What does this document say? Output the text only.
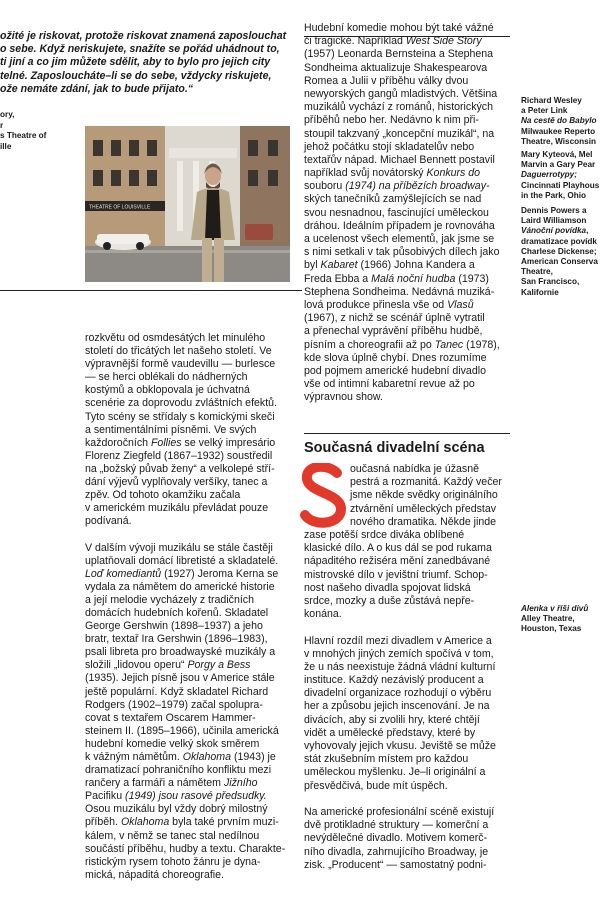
ožité je riskovat, protože riskovat znamená zaposlouchat
o sebe. Když neriskujete, snažíte se pořád uhádnout to,
ti jiní a co jim můžete sdělit, aby to bylo pro jejich city
telné. Zaposloucháte–li se do sebe, vždycky riskujete,
ože nemáte zdání, jak to bude přijato.“
ory,
r
s Theatre of
ille
THEATRE OF LOUISVILLE
rozkvětu od osmdesátých let minulého
století do třicátých let našeho století. Ve
výpravnější formě vaudevillu — burlesce
— se herci oblékali do nádherných
kostýmů a obklopovala je úchvatná
scenérie za doprovodu zvláštních efektů.
Tyto scény se střídaly s komickými skeči
a sentimentálními písněmi. Ve svých
každoročních Follies se velký impresário
Florenz Ziegfeld (1867–1932) soustředil
na „božský půvab ženy“ a velkolepé stří-
dání výjevů vyplňovaly veršíky, tanec a
zpěv. Od tohoto okamžiku začala
v americkém muzikálu převládat pouze
podívaná.
V dalším vývoji muzikálu se stále častěji
uplatňovali domácí libretisté a skladatelé.
Loď komediantů (1927) Jeroma Kerna se
vydala za námětem do americké historie
a její melodie vycházely z tradičních
domácích hudebních kořenů. Skladatel
George Gershwin (1898–1937) a jeho
bratr, textař Ira Gershwin (1896–1983),
psali libreta pro broadwayské muzikály a
složili „lidovou operu“ Porgy a Bess
(1935). Jejich písně jsou v Americe stále
ještě populární. Když skladatel Richard
Rodgers (1902–1979) začal spolupra-
covat s textařem Oscarem Hammer-
steinem II. (1895–1966), učinila americká
hudební komedie velký skok směrem
k vážným námětům. Oklahoma (1943) je
dramatizací pohraničního konfliktu mezi
rančery a farmáři a námětem Jižního
Pacifiku (1949) jsou rasové předsudky.
Osou muzikálu byl vždy dobrý milostný
příběh. Oklahoma byla také prvním muzi-
kálem, v němž se tanec stal nedílnou
součástí příběhu, hudby a textu. Charakte-
ristickým rysem tohoto žánru je dyna-
mická, nápaditá choreografie.
Hudební komedie mohou být také vážné
či tragické. Například West Side Story
(1957) Leonarda Bernsteina a Stephena
Sondheima aktualizuje Shakespearova
Romea a Julii v příběhu války dvou
newyorských gangů mladistvých. Většina
muzikálů vychází z románů, historických
příběhů nebo her. Nedávno k nim při-
stoupil takzvaný „koncepční muzikál“, na
jehož počátku stojí skladatelův nebo
textařův nápad. Michael Bennett postavil
například svůj novátorský Konkurs do
souboru (1974) na příbězích broadway-
ských tanečníků zamýšlejících se nad
svou nesnadnou, fascinující uměleckou
dráhou. Ideálním případem je rovnováha
a ucelenost všech elementů, jak jsme se
s nimi setkali v tak působivých dílech jako
byl Kabaret (1966) Johna Kandera a
Freda Ebba a Malá noční hudba (1973)
Stephena Sondheima. Nedávná muziká-
lová produkce přinesla vše od Vlasů
(1967), z nichž se scénář úplně vytratil
a přenechal vyprávění příběhu hudbě,
písním a choreografii až po Tanec (1978),
kde slova úplně chybí. Dnes rozumíme
pod pojmem americké hudební divadlo
vše od intimní kabaretní revue až po
výpravnou show.
Současná divadelní scéna
oučasná nabídka je úžasně
pestrá a rozmanitá. Každý večer
jsme někde svědky originálního
ztvárnění uměleckých představ
nového dramatika. Někde jinde
zase potěší srdce diváka oblíbené
klasické dílo. A o kus dál se pod rukama
nápaditého režiséra mění zanedbávané
mistrovské dílo v jevištní triumf. Schop-
nost našeho divadla spojovat lidská
srdce, mozky a duše zůstává nepře-
konána.
Hlavní rozdíl mezi divadlem v Americe a
v mnohých jiných zemích spočívá v tom,
že u nás neexistuje žádná vládní kulturní
instituce. Každý nezávislý producent a
divadelní organizace rozhodují o výběru
her a způsobu jejich inscenování. Je na
divácích, aby si zvolili hry, které chtějí
vidět a umělecké představy, které by
vyhovovaly jejich vkusu. Jeviště se může
stát zkušebním místem pro každou
uměleckou myšlenku. Je–li originální a
přesvědčivá, bude mít úspěch.
Na americké profesionální scéně existují
dvě protikladné struktury — komerční a
nevýdělečné divadlo. Motivem komerč-
ního divadla, zahrnujícího Broadway, je
zisk. „Producent“ — samostatný podni-
Richard Wesley
a Peter Link
Na cestě do Babylo
Milwaukee Reperto
Theatre, Wisconsin
Mary Kyteová, Mel
Marvin a Gary Pear
Daguerrotypy;
Cincinnati Playhous
in the Park, Ohio
Dennis Powers a
Laird Williamson
Vánoční povídka,
dramatizace povídk
Charlese Dickense;
American Conserva
Theatre,
San Francisco,
Kalifornie
Alenka v říši divů
Alley Theatre,
Houston, Texas
